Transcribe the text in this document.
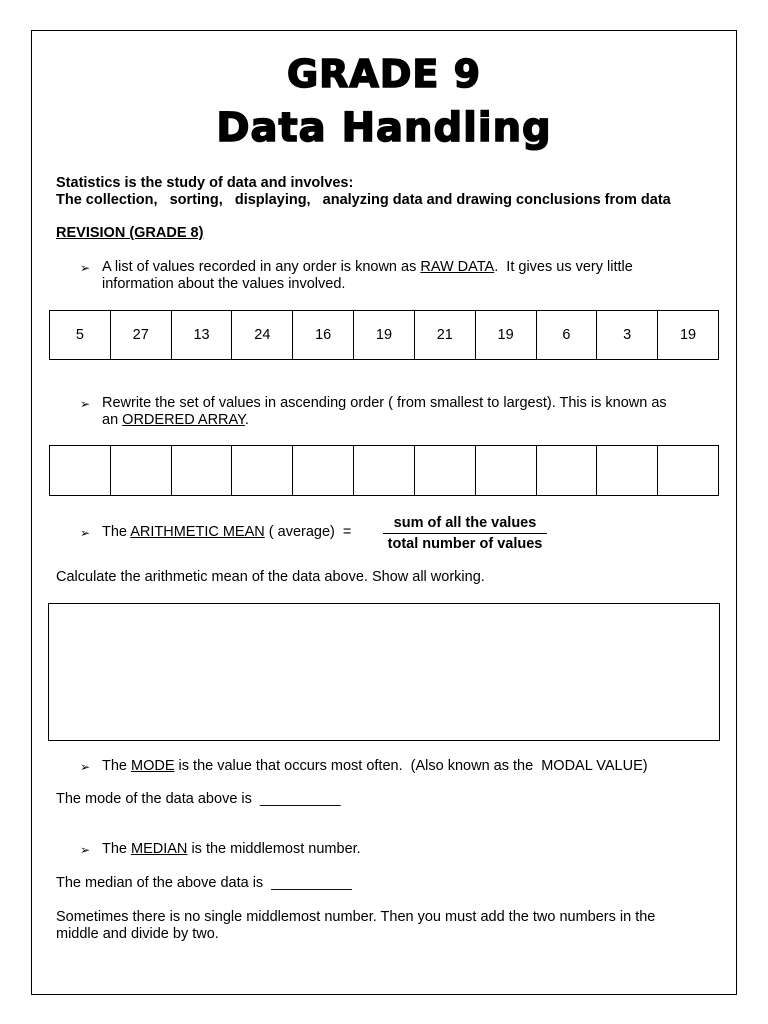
GRADE 9
Data Handling
Statistics is the study of data and involves:
The collection,   sorting,   displaying,   analyzing data and drawing conclusions from data
REVISION (GRADE 8)
➢ A list of values recorded in any order is known as RAW DATA.  It gives us very little
information about the values involved.
5	27	13	24	16	19	21	19	6	3	19
➢ Rewrite the set of values in ascending order ( from smallest to largest). This is known as
an ORDERED ARRAY.

➢ The ARITHMETIC MEAN ( average)  =
sum of all the values
total number of values
Calculate the arithmetic mean of the data above. Show all working.
➢ The MODE is the value that occurs most often.  (Also known as the  MODAL VALUE)
The mode of the data above is  __________
➢ The MEDIAN is the middlemost number.
The median of the above data is  __________
Sometimes there is no single middlemost number. Then you must add the two numbers in the
middle and divide by two.
